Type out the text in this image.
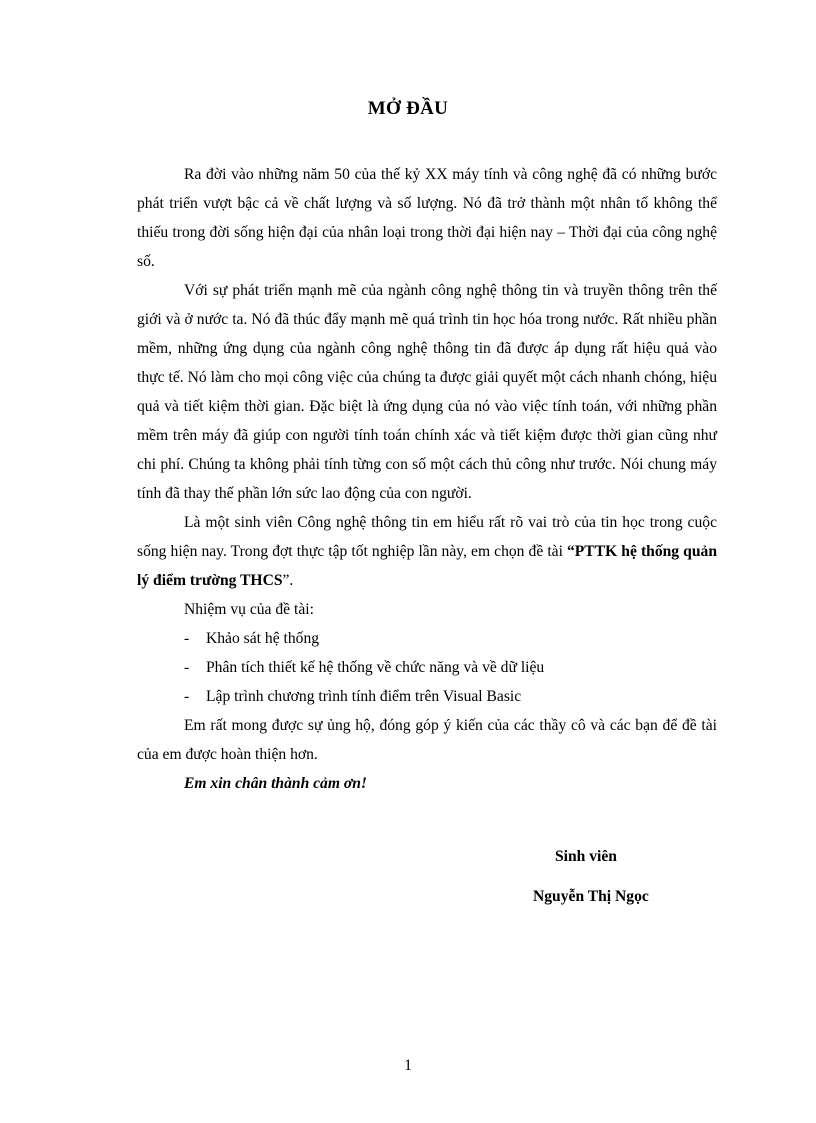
MỞ ĐẦU

Ra đời vào những năm 50 của thế kỷ XX máy tính và công nghệ đã có những bước phát triển vượt bậc cả về chất lượng và số lượng. Nó đã trở thành một nhân tố không thể thiếu trong đời sống hiện đại của nhân loại trong thời đại hiện nay – Thời đại của công nghệ số.

Với sự phát triển mạnh mẽ của ngành công nghệ thông tin và truyền thông trên thế giới và ở nước ta. Nó đã thúc đẩy mạnh mẽ quá trình tin học hóa trong nước. Rất nhiều phần mềm, những ứng dụng của ngành công nghệ thông tin đã được áp dụng rất hiệu quả vào thực tế. Nó làm cho mọi công việc của chúng ta được giải quyết một cách nhanh chóng, hiệu quả và tiết kiệm thời gian. Đặc biệt là ứng dụng của nó vào việc tính toán, với những phần mềm trên máy đã giúp con người tính toán chính xác và tiết kiệm được thời gian cũng như chi phí. Chúng ta không phải tính từng con số một cách thủ công như trước. Nói chung máy tính đã thay thế phần lớn sức lao động của con người.

Là một sinh viên Công nghệ thông tin em hiểu rất rõ vai trò của tin học trong cuộc sống hiện nay. Trong đợt thực tập tốt nghiệp lần này, em chọn đề tài “PTTK hệ thống quản lý điểm trường THCS”.

Nhiệm vụ của đề tài:

-	Khảo sát hệ thống

-	Phân tích thiết kế hệ thống về chức năng và về dữ liệu

-	Lập trình chương trình tính điểm trên Visual Basic

Em rất mong được sự ủng hộ, đóng góp ý kiến của các thầy cô và các bạn để đề tài của em được hoàn thiện hơn.

Em xin chân thành cảm ơn!

Sinh viên
Nguyễn Thị Ngọc
1
